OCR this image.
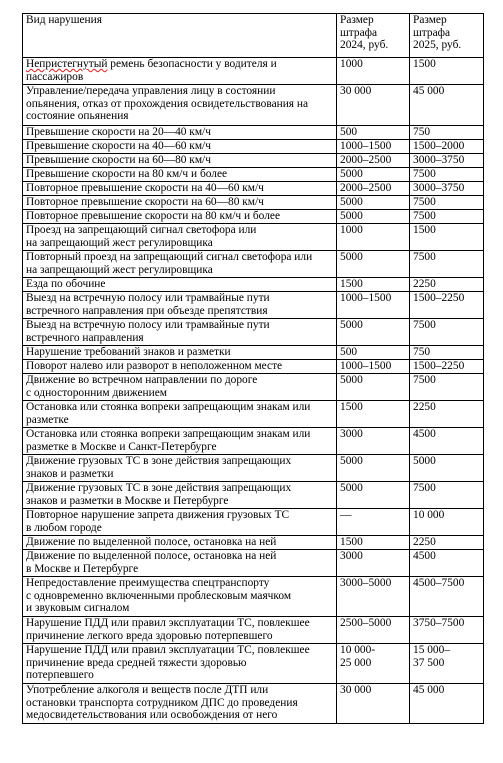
Вид нарушения	Размер
штрафа
2024, руб.	Размер
штрафа
2025, руб.
Непристегнутый ремень безопасности у водителя и
пассажиров	1000	1500
Управление/передача управления лицу в состоянии
опьянения, отказ от прохождения освидетельствования на
состояние опьянения	30 000	45 000
Превышение скорости на 20—40 км/ч	500	750
Превышение скорости на 40—60 км/ч	1000–1500	1500–2000
Превышение скорости на 60—80 км/ч	2000–2500	3000–3750
Превышение скорости на 80 км/ч и более	5000	7500
Повторное превышение скорости на 40—60 км/ч	2000–2500	3000–3750
Повторное превышение скорости на 60—80 км/ч	5000	7500
Повторное превышение скорости на 80 км/ч и более	5000	7500
Проезд на запрещающий сигнал светофора или
на запрещающий жест регулировщика	1000	1500
Повторный проезд на запрещающий сигнал светофора или
на запрещающий жест регулировщика	5000	7500
Езда по обочине	1500	2250
Выезд на встречную полосу или трамвайные пути
встречного направления при объезде препятствия	1000–1500	1500–2250
Выезд на встречную полосу или трамвайные пути
встречного направления	5000	7500
Нарушение требований знаков и разметки	500	750
Поворот налево или разворот в неположенном месте	1000–1500	1500–2250
Движение во встречном направлении по дороге
с односторонним движением	5000	7500
Остановка или стоянка вопреки запрещающим знакам или
разметке	1500	2250
Остановка или стоянка вопреки запрещающим знакам или
разметке в Москве и Санкт-Петербурге	3000	4500
Движение грузовых ТС в зоне действия запрещающих
знаков и разметки	5000	5000
Движение грузовых ТС в зоне действия запрещающих
знаков и разметки в Москве и Петербурге	5000	7500
Повторное нарушение запрета движения грузовых ТС
в любом городе	—	10 000
Движение по выделенной полосе, остановка на ней	1500	2250
Движение по выделенной полосе, остановка на ней
в Москве и Петербурге	3000	4500
Непредоставление преимущества спецтранспорту
с одновременно включенными проблесковым маячком
и звуковым сигналом	3000–5000	4500–7500
Нарушение ПДД или правил эксплуатации ТС, повлекшее
причинение легкого вреда здоровью потерпевшего	2500–5000	3750–7500
Нарушение ПДД или правил эксплуатации ТС, повлекшее
причинение вреда средней тяжести здоровью
потерпевшего	10 000-
25 000	15 000–
37 500
Употребление алкоголя и веществ после ДТП или
остановки транспорта сотрудником ДПС до проведения
медосвидетельствования или освобождения от него	30 000	45 000
